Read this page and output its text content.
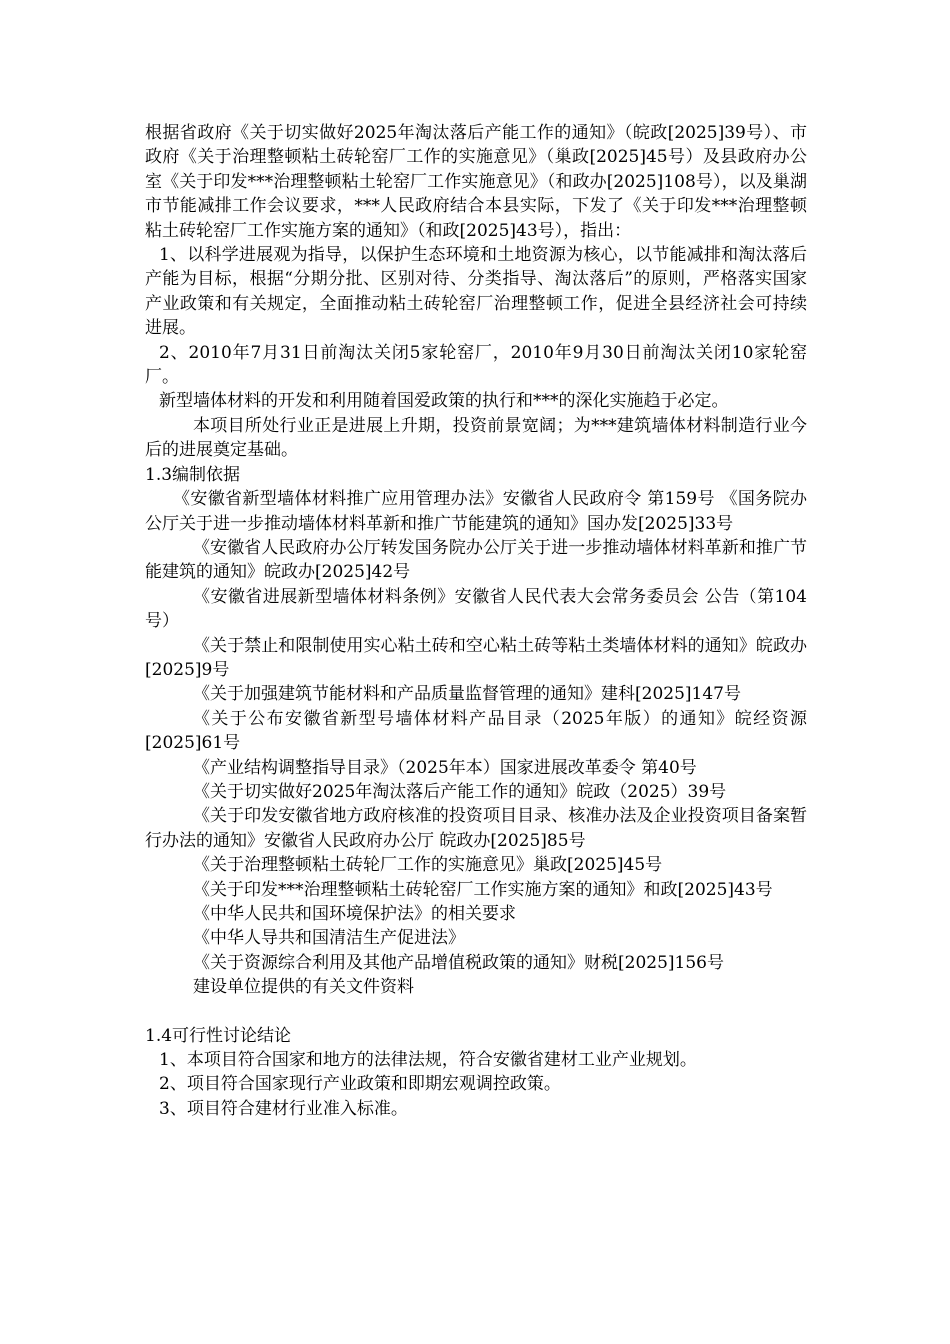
根据省政府《关于切实做好2025年淘汰落后产能工作的通知》（皖政[2025]39号）、市政府《关于治理整顿粘土砖轮窑厂工作的实施意见》（巢政[2025]45号）及县政府办公室《关于印发***治理整顿粘土轮窑厂工作实施意见》（和政办[2025]108号），以及巢湖市节能减排工作会议要求，***人民政府结合本县实际，下发了《关于印发***治理整顿粘土砖轮窑厂工作实施方案的通知》（和政[2025]43号），指出：

1、以科学进展观为指导，以保护生态环境和土地资源为核心，以节能减排和淘汰落后产能为目标，根据“分期分批、区别对待、分类指导、淘汰落后”的原则，严格落实国家产业政策和有关规定，全面推动粘土砖轮窑厂治理整顿工作，促进全县经济社会可持续进展。

2、2010年7月31日前淘汰关闭5家轮窑厂，2010年9月30日前淘汰关闭10家轮窑厂。

新型墙体材料的开发和利用随着国爱政策的执行和***的深化实施趋于必定。

本项目所处行业正是进展上升期，投资前景宽阔；为***建筑墙体材料制造行业今后的进展奠定基础。

1.3编制依据

《安徽省新型墙体材料推广应用管理办法》安徽省人民政府令 第159号 《国务院办公厅关于进一步推动墙体材料革新和推广节能建筑的通知》国办发[2025]33号

《安徽省人民政府办公厅转发国务院办公厅关于进一步推动墙体材料革新和推广节能建筑的通知》皖政办[2025]42号

《安徽省进展新型墙体材料条例》安徽省人民代表大会常务委员会 公告（第104号）

《关于禁止和限制使用实心粘土砖和空心粘土砖等粘土类墙体材料的通知》皖政办[2025]9号

《关于加强建筑节能材料和产品质量监督管理的通知》建科[2025]147号

《关于公布安徽省新型号墙体材料产品目录（2025年版）的通知》皖经资源[2025]61号

《产业结构调整指导目录》（2025年本）国家进展改革委令 第40号

《关于切实做好2025年淘汰落后产能工作的通知》皖政（2025）39号

《关于印发安徽省地方政府核准的投资项目目录、核准办法及企业投资项目备案暂行办法的通知》安徽省人民政府办公厅 皖政办[2025]85号

《关于治理整顿粘土砖轮厂工作的实施意见》巢政[2025]45号

《关于印发***治理整顿粘土砖轮窑厂工作实施方案的通知》和政[2025]43号

《中华人民共和国环境保护法》的相关要求

《中华人导共和国清洁生产促进法》

《关于资源综合利用及其他产品增值税政策的通知》财税[2025]156号

建设单位提供的有关文件资料

1.4可行性讨论结论

1、本项目符合国家和地方的法律法规，符合安徽省建材工业产业规划。

2、项目符合国家现行产业政策和即期宏观调控政策。

3、项目符合建材行业准入标准。
